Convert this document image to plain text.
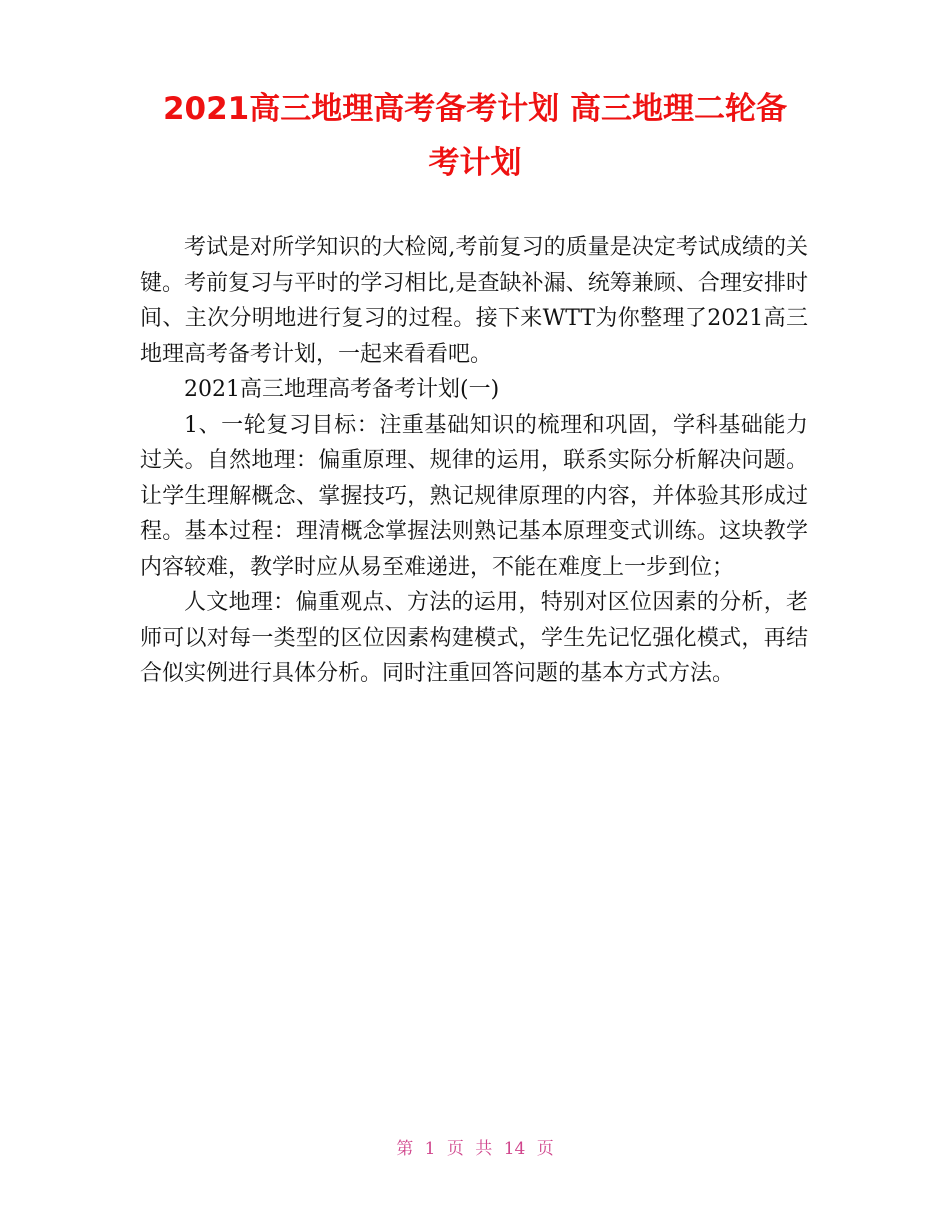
2021高三地理高考备考计划 高三地理二轮备
考计划

考试是对所学知识的大检阅,考前复习的质量是决定考试成绩的关键。考前复习与平时的学习相比,是查缺补漏、统筹兼顾、合理安排时间、主次分明地进行复习的过程。接下来WTT为你整理了2021高三地理高考备考计划，一起来看看吧。

2021高三地理高考备考计划(一)

1、一轮复习目标：注重基础知识的梳理和巩固，学科基础能力过关。自然地理：偏重原理、规律的运用，联系实际分析解决问题。让学生理解概念、掌握技巧，熟记规律原理的内容，并体验其形成过程。基本过程：理清概念掌握法则熟记基本原理变式训练。这块教学内容较难，教学时应从易至难递进，不能在难度上一步到位；

人文地理：偏重观点、方法的运用，特别对区位因素的分析，老师可以对每一类型的区位因素构建模式，学生先记忆强化模式，再结合似实例进行具体分析。同时注重回答问题的基本方式方法。

第 1 页 共 14 页
